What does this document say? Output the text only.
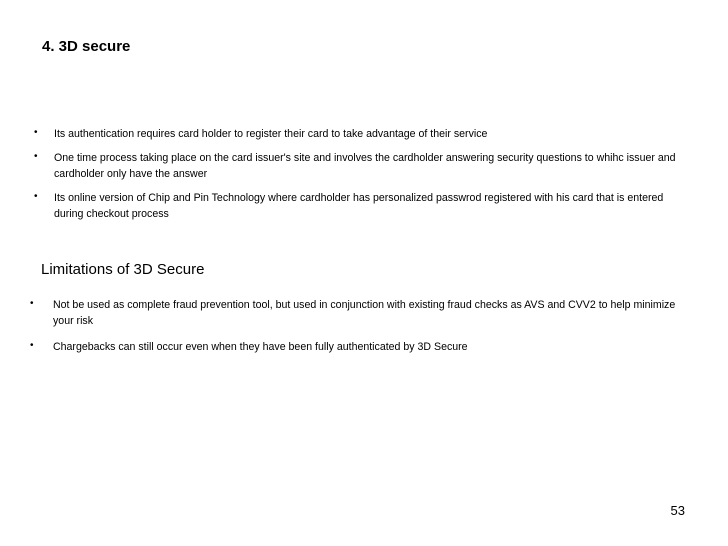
4. 3D secure
• Its authentication requires card holder to register their card to take advantage of their service
• One time process taking place on the card issuer's site and involves the cardholder answering security questions to whihc issuer and cardholder only have the answer
• Its online version of Chip and Pin Technology where cardholder has personalized passwrod registered with his card that is entered during checkout process
Limitations of 3D Secure
• Not be used as complete fraud prevention tool, but used in conjunction with existing fraud checks as AVS and CVV2 to help minimize your risk
• Chargebacks can still occur even when they have been fully authenticated by 3D Secure
53
